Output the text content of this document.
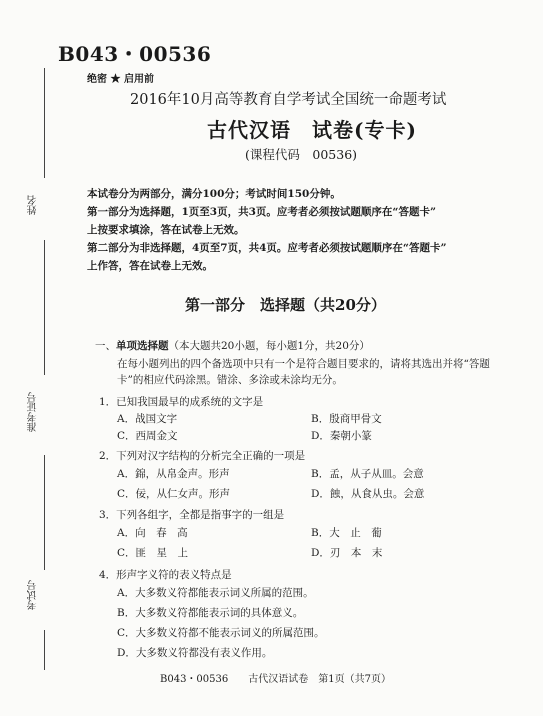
B043・00536
绝密 ★ 启用前
2016年10月高等教育自学考试全国统一命题考试
古代汉语　试卷(专卡)
(课程代码　00536)
本试卷分为两部分，满分100分；考试时间150分钟。
第一部分为选择题，1页至3页，共3页。应考者必须按试题顺序在“答题卡”
上按要求填涂，答在试卷上无效。
第二部分为非选择题，4页至7页，共4页。应考者必须按试题顺序在“答题卡”
上作答，答在试卷上无效。
第一部分　选择题（共20分）
一、单项选择题（本大题共20小题，每小题1分，共20分）
在每小题列出的四个备选项中只有一个是符合题目要求的，请将其选出并将“答题
卡”的相应代码涂黑。错涂、多涂或未涂均无分。
1．已知我国最早的成系统的文字是
A．战国文字	B．殷商甲骨文
C．西周金文	D．秦朝小篆
2．下列对汉字结构的分析完全正确的一项是
A．錦，从帛金声。形声	B．孟，从子从皿。会意
C．佞，从仁女声。形声	D．蝕，从食从虫。会意
3．下列各组字，全都是指事字的一组是
A．向　春　高	B．大　止　葡
C．匪　星　上	D．刃　本　末
4．形声字义符的表义特点是
A．大多数义符都能表示词义所属的范围。
B．大多数义符都能表示词的具体意义。
C．大多数义符都不能表示词义的所属范围。
D．大多数义符都没有表义作用。
B043・00536　　古代汉语试卷　第1页（共7页）
姓名
准考证号
考试号
